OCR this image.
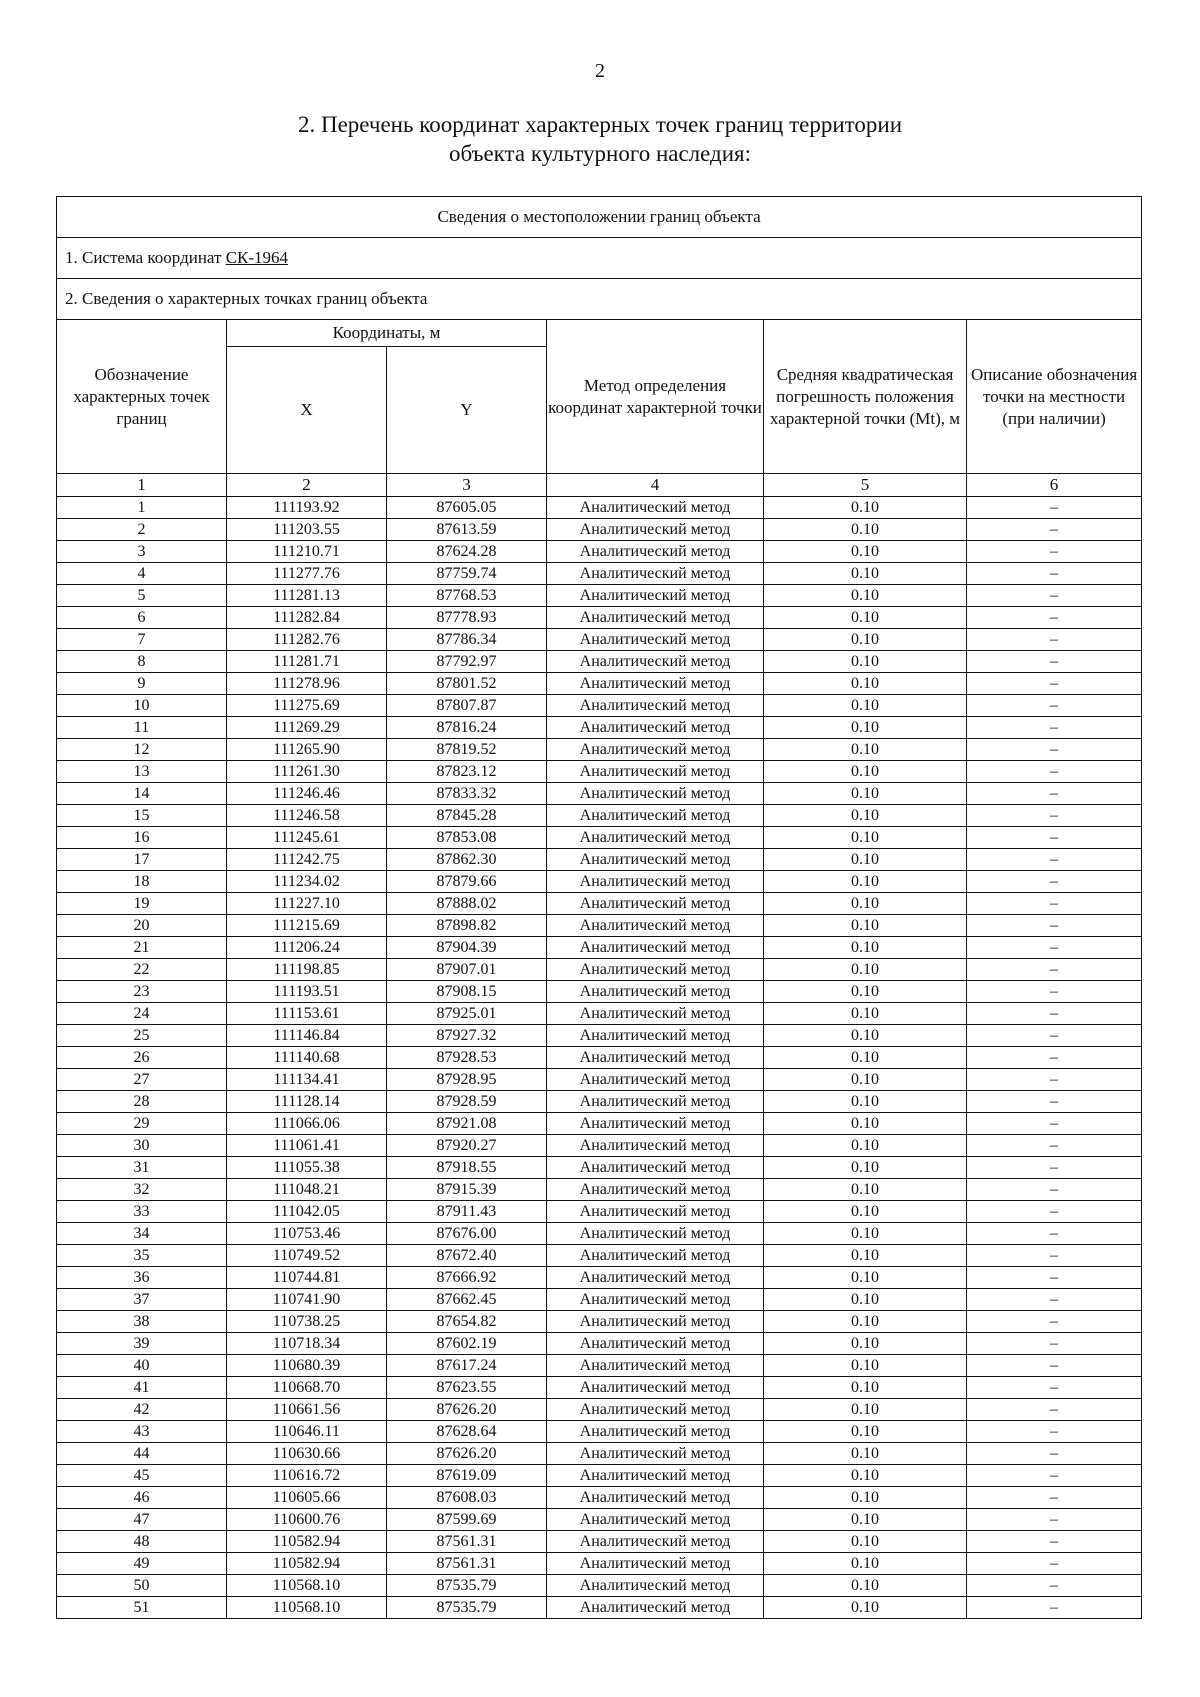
2
2. Перечень координат характерных точек границ территории
объекта культурного наследия:
Сведения о местоположении границ объекта					
1. Система координат СК-1964					
2. Сведения о характерных точках границ объекта					
Обозначение характерных точек границ	Координаты, м		Метод определения координат характерной точки	Средняя квадратическая погрешность положения характерной точки (Mt), м	Описание обозначения точки на местности (при наличии)
	X	Y			
1	2	3	4	5	6
1	111193.92	87605.05	Аналитический метод	0.10	–
2	111203.55	87613.59	Аналитический метод	0.10	–
3	111210.71	87624.28	Аналитический метод	0.10	–
4	111277.76	87759.74	Аналитический метод	0.10	–
5	111281.13	87768.53	Аналитический метод	0.10	–
6	111282.84	87778.93	Аналитический метод	0.10	–
7	111282.76	87786.34	Аналитический метод	0.10	–
8	111281.71	87792.97	Аналитический метод	0.10	–
9	111278.96	87801.52	Аналитический метод	0.10	–
10	111275.69	87807.87	Аналитический метод	0.10	–
11	111269.29	87816.24	Аналитический метод	0.10	–
12	111265.90	87819.52	Аналитический метод	0.10	–
13	111261.30	87823.12	Аналитический метод	0.10	–
14	111246.46	87833.32	Аналитический метод	0.10	–
15	111246.58	87845.28	Аналитический метод	0.10	–
16	111245.61	87853.08	Аналитический метод	0.10	–
17	111242.75	87862.30	Аналитический метод	0.10	–
18	111234.02	87879.66	Аналитический метод	0.10	–
19	111227.10	87888.02	Аналитический метод	0.10	–
20	111215.69	87898.82	Аналитический метод	0.10	–
21	111206.24	87904.39	Аналитический метод	0.10	–
22	111198.85	87907.01	Аналитический метод	0.10	–
23	111193.51	87908.15	Аналитический метод	0.10	–
24	111153.61	87925.01	Аналитический метод	0.10	–
25	111146.84	87927.32	Аналитический метод	0.10	–
26	111140.68	87928.53	Аналитический метод	0.10	–
27	111134.41	87928.95	Аналитический метод	0.10	–
28	111128.14	87928.59	Аналитический метод	0.10	–
29	111066.06	87921.08	Аналитический метод	0.10	–
30	111061.41	87920.27	Аналитический метод	0.10	–
31	111055.38	87918.55	Аналитический метод	0.10	–
32	111048.21	87915.39	Аналитический метод	0.10	–
33	111042.05	87911.43	Аналитический метод	0.10	–
34	110753.46	87676.00	Аналитический метод	0.10	–
35	110749.52	87672.40	Аналитический метод	0.10	–
36	110744.81	87666.92	Аналитический метод	0.10	–
37	110741.90	87662.45	Аналитический метод	0.10	–
38	110738.25	87654.82	Аналитический метод	0.10	–
39	110718.34	87602.19	Аналитический метод	0.10	–
40	110680.39	87617.24	Аналитический метод	0.10	–
41	110668.70	87623.55	Аналитический метод	0.10	–
42	110661.56	87626.20	Аналитический метод	0.10	–
43	110646.11	87628.64	Аналитический метод	0.10	–
44	110630.66	87626.20	Аналитический метод	0.10	–
45	110616.72	87619.09	Аналитический метод	0.10	–
46	110605.66	87608.03	Аналитический метод	0.10	–
47	110600.76	87599.69	Аналитический метод	0.10	–
48	110582.94	87561.31	Аналитический метод	0.10	–
49	110582.94	87561.31	Аналитический метод	0.10	–
50	110568.10	87535.79	Аналитический метод	0.10	–
51	110568.10	87535.79	Аналитический метод	0.10	–
